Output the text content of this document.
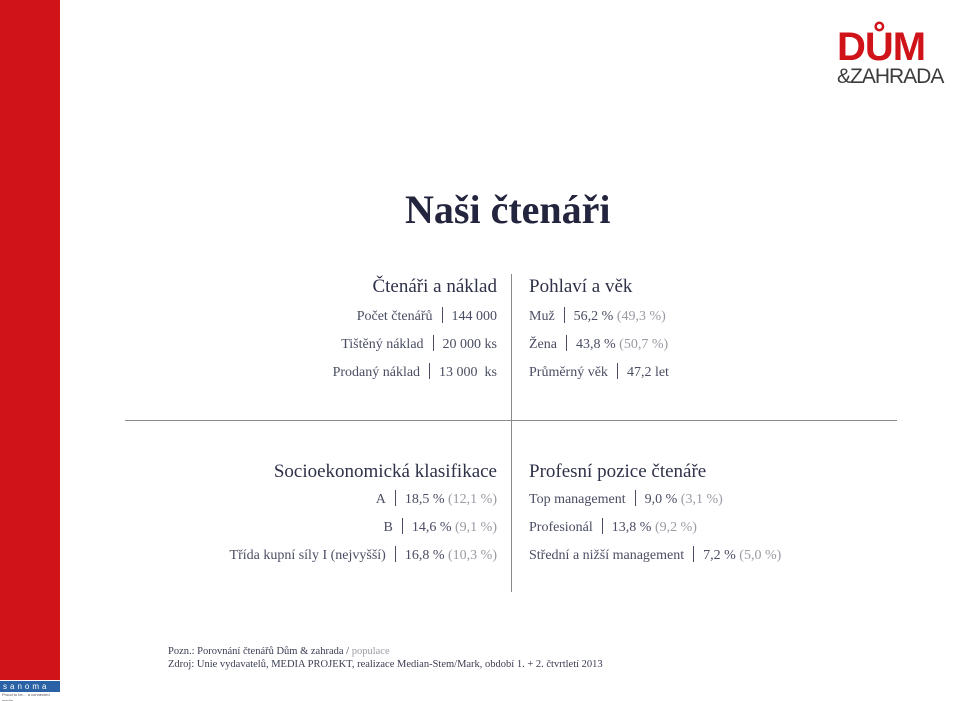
sanoma
Proud to be… a connected media
DŮM
&ZAHRADA
Naši čtenáři
Čtenáři a náklad
Počet čtenářů 144 000
Tištěný náklad 20 000 ks
Prodaný náklad 13 000  ks
Pohlaví a věk
Muž 56,2 % (49,3 %)
Žena 43,8 % (50,7 %)
Průměrný věk 47,2 let
Socioekonomická klasifikace
A 18,5 % (12,1 %)
B 14,6 % (9,1 %)
Třída kupní síly I (nejvyšší) 16,8 % (10,3 %)
Profesní pozice čtenáře
Top management 9,0 % (3,1 %)
Profesionál 13,8 % (9,2 %)
Střední a nižší management 7,2 % (5,0 %)
Pozn.: Porovnání čtenářů Dům & zahrada / populace
Zdroj: Unie vydavatelů, MEDIA PROJEKT, realizace Median-Stem/Mark, období 1. + 2. čtvrtletí 2013
